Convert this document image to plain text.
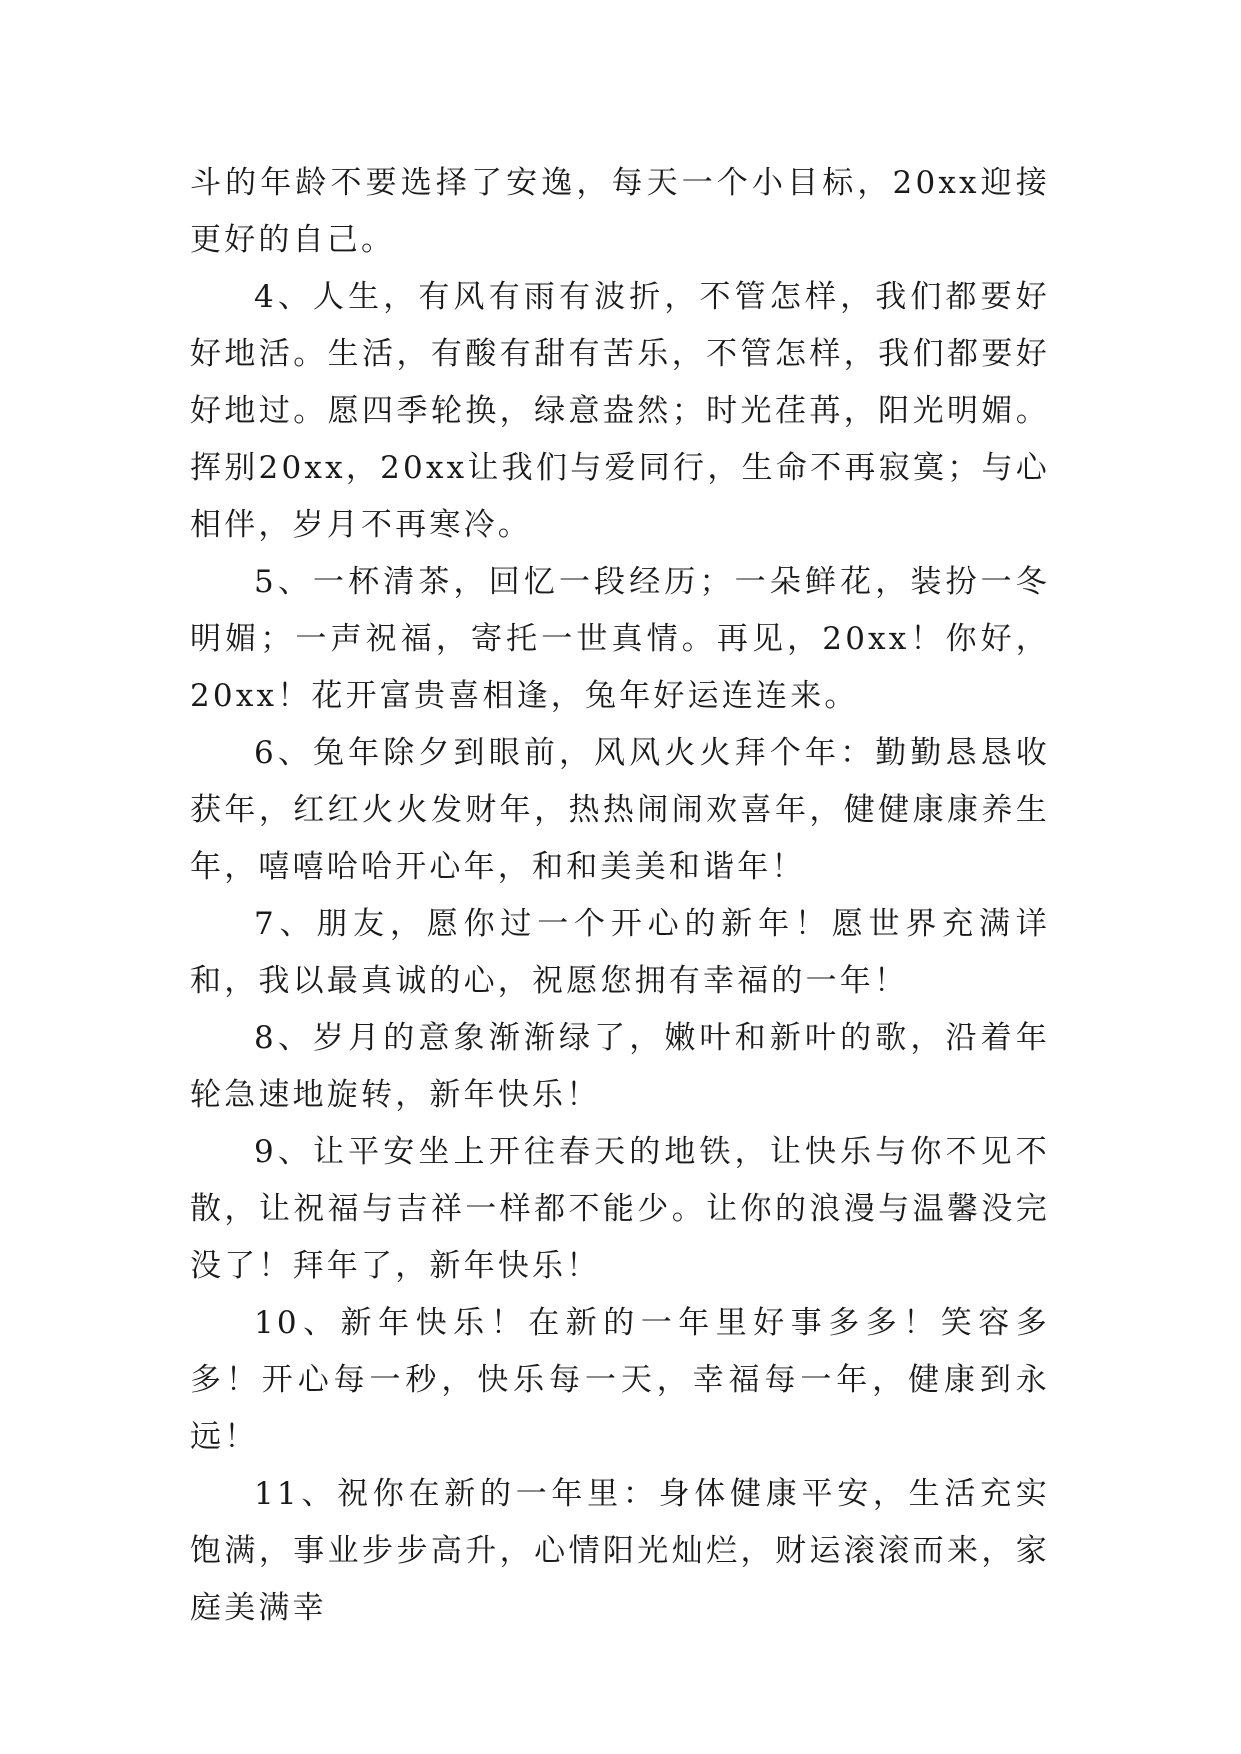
斗的年龄不要选择了安逸，每天一个小目标，20xx迎接更好的自己。

4、人生，有风有雨有波折，不管怎样，我们都要好好地活。生活，有酸有甜有苦乐，不管怎样，我们都要好好地过。愿四季轮换，绿意盎然；时光荏苒，阳光明媚。挥别20xx，20xx让我们与爱同行，生命不再寂寞；与心相伴，岁月不再寒冷。

5、一杯清茶，回忆一段经历；一朵鲜花，装扮一冬明媚；一声祝福，寄托一世真情。再见，20xx！你好，20xx！花开富贵喜相逢，兔年好运连连来。

6、兔年除夕到眼前，风风火火拜个年：勤勤恳恳收获年，红红火火发财年，热热闹闹欢喜年，健健康康养生年，嘻嘻哈哈开心年，和和美美和谐年！

7、朋友，愿你过一个开心的新年！愿世界充满详和，我以最真诚的心，祝愿您拥有幸福的一年！

8、岁月的意象渐渐绿了，嫩叶和新叶的歌，沿着年轮急速地旋转，新年快乐！

9、让平安坐上开往春天的地铁，让快乐与你不见不散，让祝福与吉祥一样都不能少。让你的浪漫与温馨没完没了！拜年了，新年快乐！

10、新年快乐！在新的一年里好事多多！笑容多多！开心每一秒，快乐每一天，幸福每一年，健康到永远！

11、祝你在新的一年里：身体健康平安，生活充实饱满，事业步步高升，心情阳光灿烂，财运滚滚而来，家庭美满幸
